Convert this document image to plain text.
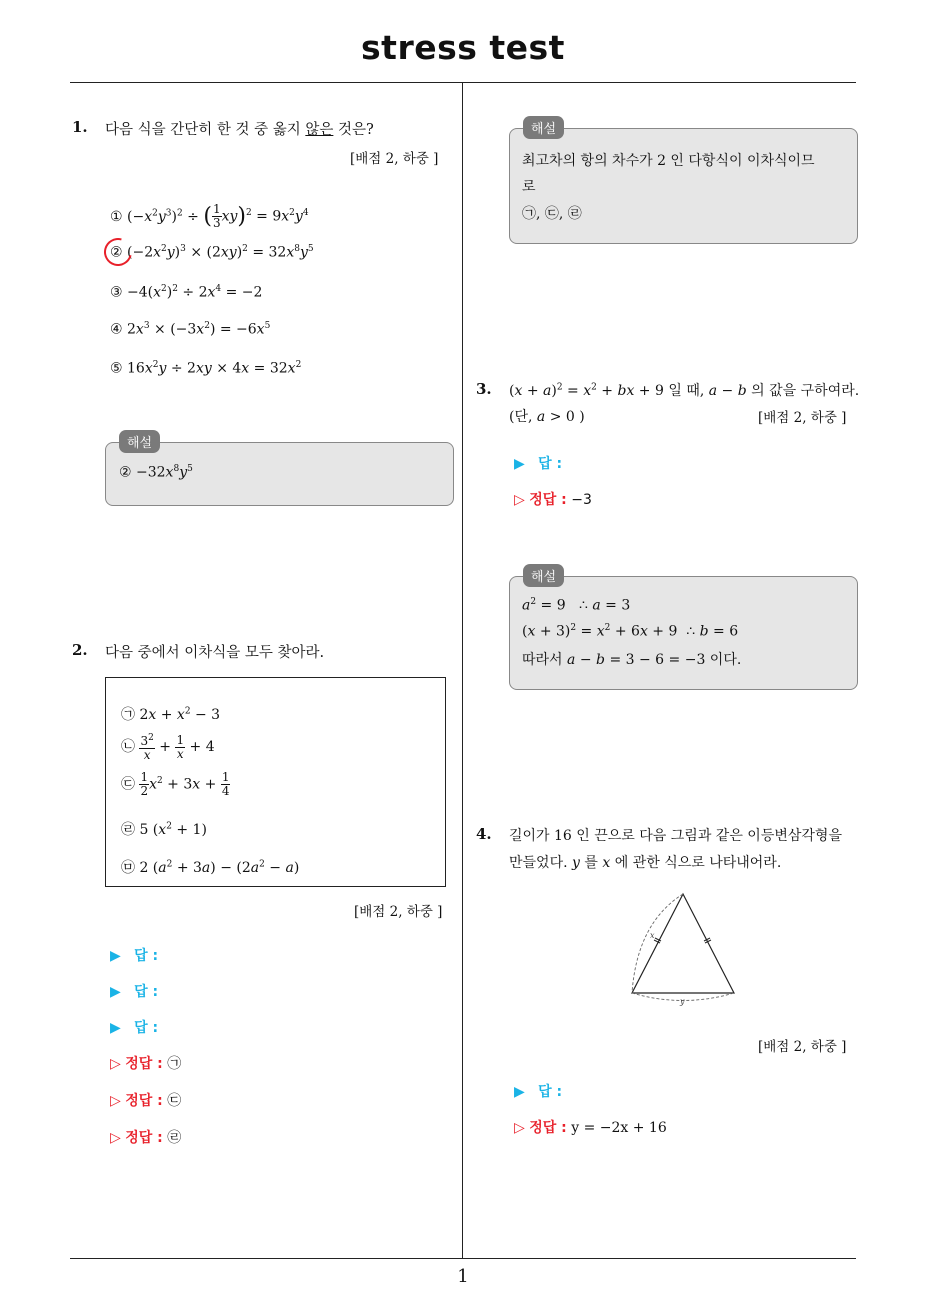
stress test
1
1. 다음 식을 간단히 한 것 중 옳지 않은 것은?
[배점 2, 하중 ]
① $(-x^2y^3)^2$ ÷ ( $\frac{1}{3} xy)^2 = 9x^2y^4$
② $(-2x^2y)^3 \times (2xy)^2 = 32x^8y^5$
③ $-4(x^2)^2 \div 2x^4 = -2$
④ $2x^3 \times (-3x^2) = -6x^5$
⑤ $16x^2y \div 2xy \times 4x = 32x^2$
해설
② $-32x^8y^5$
2. 다음 중에서 이차식을 모두 찾아라.
㉠ $2x + x^2 - 3$
㉡ $\frac{3^2}{x} + \frac{1}{x} + 4$
㉢ $\frac{1}{2} x^2 + 3x + \frac{1}{4}$
㉣ 5 $(x^2 + 1)$
㉤ 2 $(a^2 + 3a) - (2a^2 - a)$
[배점 2, 하중 ]
▶ 답 :
▶ 답 :
▶ 답 :
▷ 정답 : ㉠
▷ 정답 : ㉢
▷ 정답 : ㉣
해설
최고차의 항의 차수가 2 인 다항식이 이차식이므
로
㉠, ㉢, ㉣
3. $(x + a)^2 = x^2$ + bx + 9 일 때, a − b 의 값을 구하여라.
(단, a > 0 )	[배점 2, 하중 ]
▶ 답 :
▷ 정답 : −3
해설
$a^2 = 9$   ∴ a = 3
$(x + 3)^2 = x^2 + 6x + 9$  ∴ b = 6
따라서 a − b = 3 − 6 = −3 이다.
4. 길이가 16 인 끈으로 다음 그림과 같은 이등변삼각형을
만들었다. y 를 x 에 관한 식으로 나타내어라.
x
y
[배점 2, 하중 ]
▶ 답 :
▷ 정답 : y = −2x + 16
